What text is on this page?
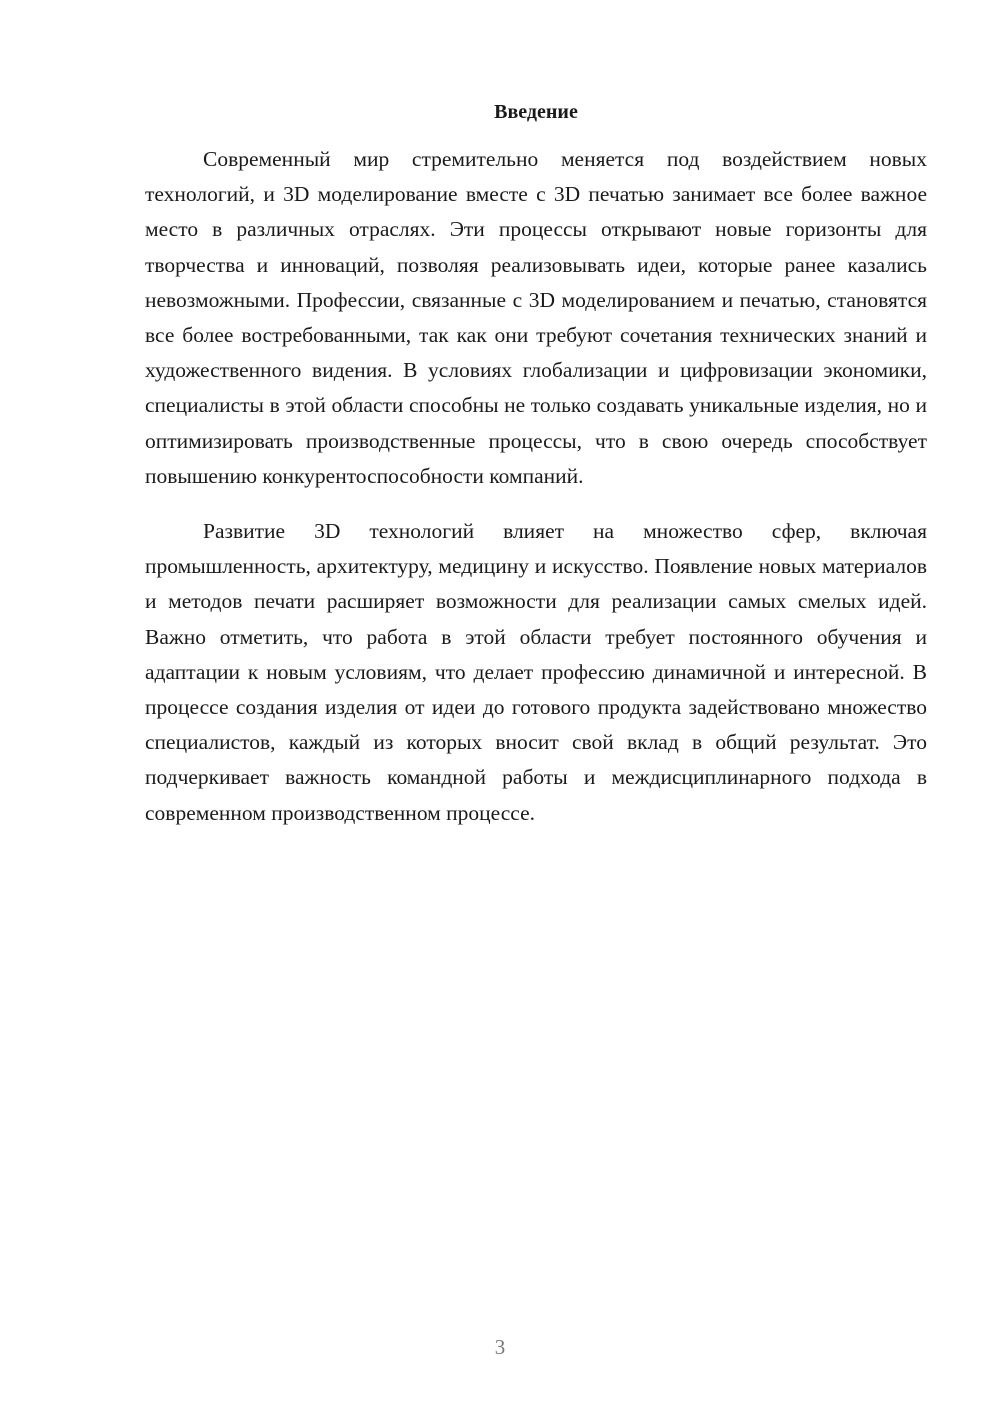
Введение

Современный мир стремительно меняется под воздействием новых технологий, и 3D моделирование вместе с 3D печатью занимает все более важное место в различных отраслях. Эти процессы открывают новые горизонты для творчества и инноваций, позволяя реализовывать идеи, которые ранее казались невозможными. Профессии, связанные с 3D моделированием и печатью, становятся все более востребованными, так как они требуют сочетания технических знаний и художественного видения. В условиях глобализации и цифровизации экономики, специалисты в этой области способны не только создавать уникальные изделия, но и оптимизировать производственные процессы, что в свою очередь способствует повышению конкурентоспособности компаний.

Развитие 3D технологий влияет на множество сфер, включая промышленность, архитектуру, медицину и искусство. Появление новых материалов и методов печати расширяет возможности для реализации самых смелых идей. Важно отметить, что работа в этой области требует постоянного обучения и адаптации к новым условиям, что делает профессию динамичной и интересной. В процессе создания изделия от идеи до готового продукта задействовано множество специалистов, каждый из которых вносит свой вклад в общий результат. Это подчеркивает важность командной работы и междисциплинарного подхода в современном производственном процессе.

3
